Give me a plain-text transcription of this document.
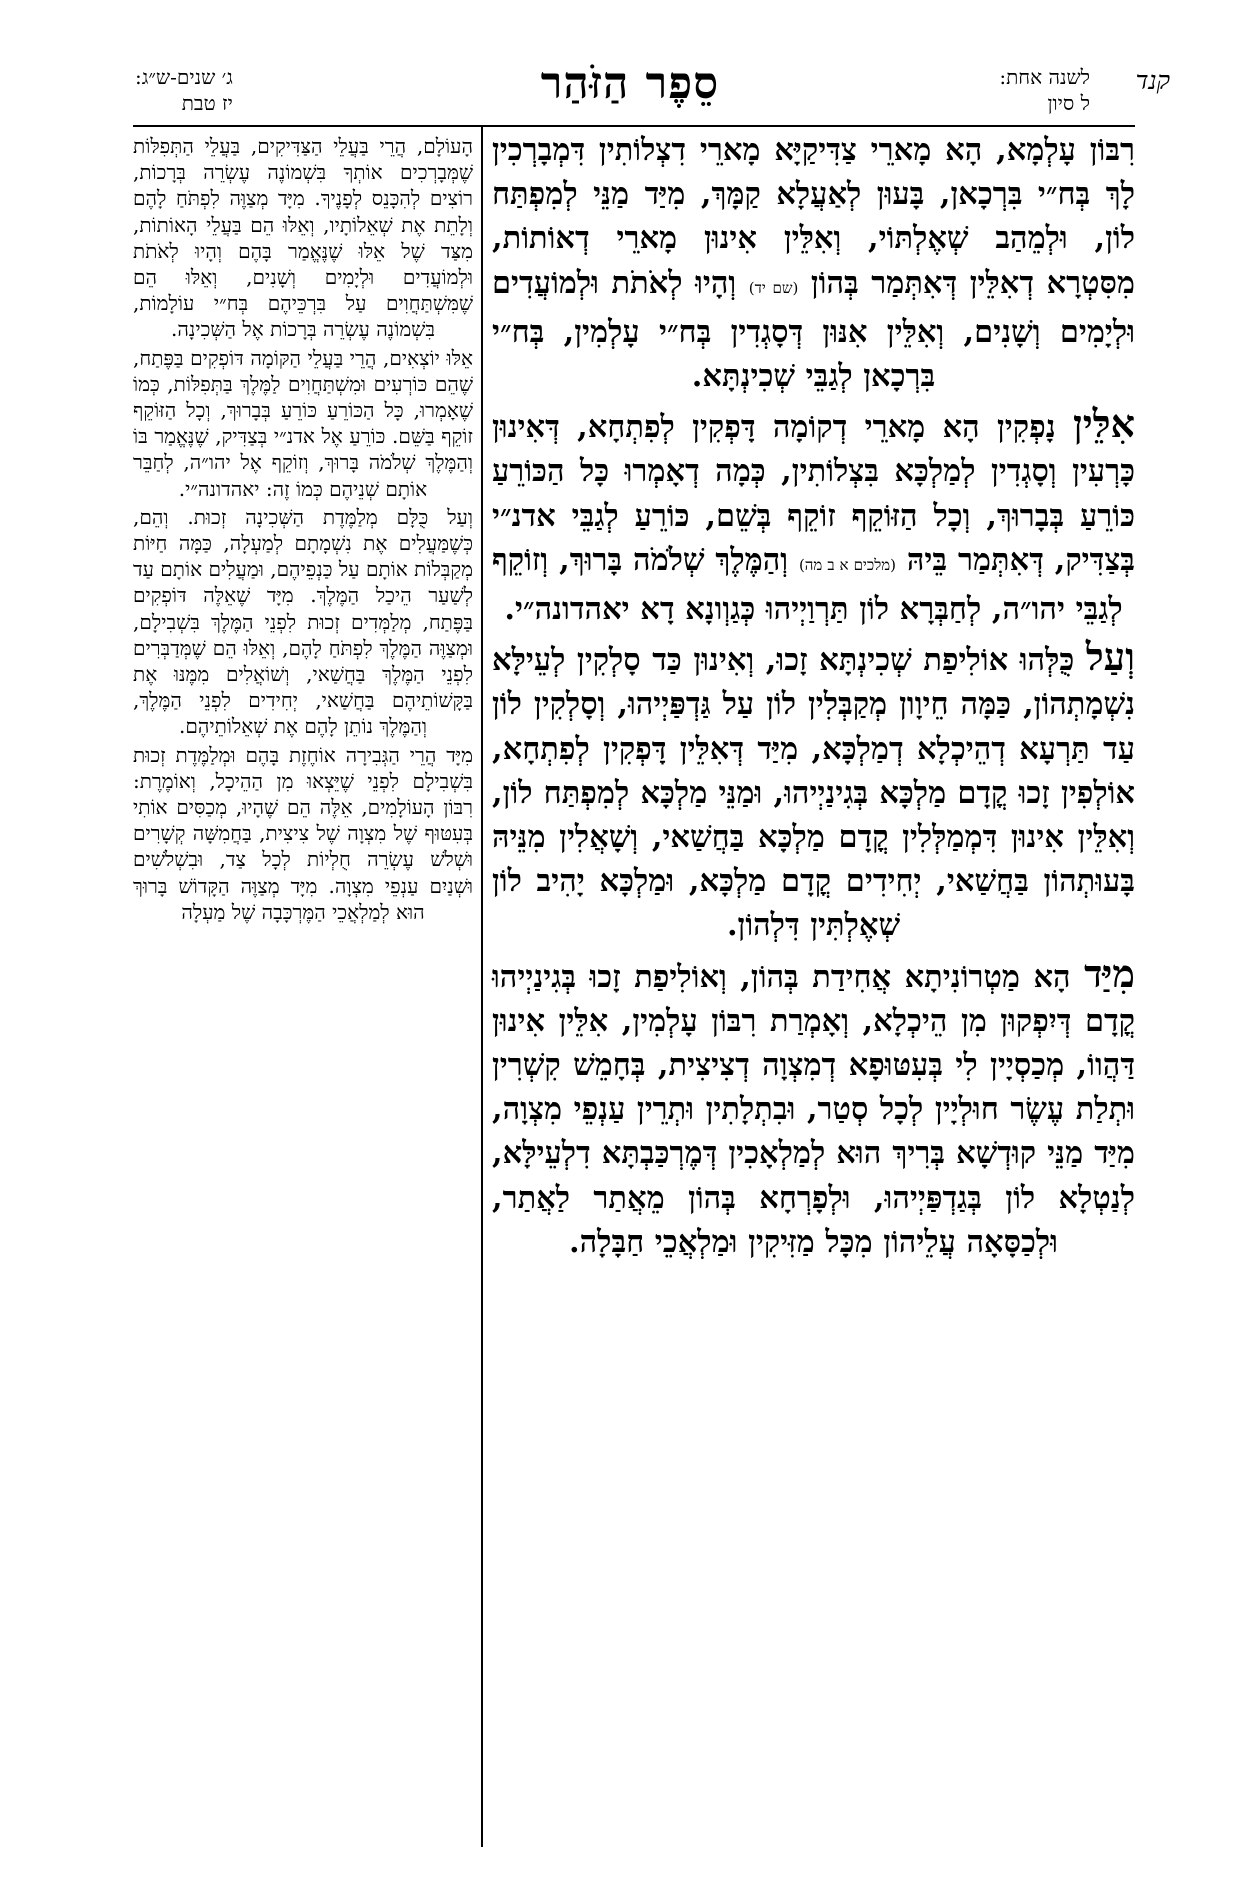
קנד
לשנה אחת:
ל סיון
סֵפֶר הַזֹּהַר
ג׳ שנים-ש״ג:
יז טבת

רִבּוֹן עָלְמָא, הָא מָארֵי צַדִּיקַיָּא מָארֵי דִצְלוֹתִין דִּמְבָרְכִין לָךְ בְּח״י בִּרְכָאן, בָּעוּן לְאַעֲלָא קַמָּךְ, מִיַּד מַנֵּי לְמִפְתַּח לוֹן, וּלְמֵהַב שְׁאֶלְתּוֹי, וְאִלֵּין אִינוּן מָארֵי דְאוֹתוֹת, מִסִּטְרָא דְאִלֵּין דְּאִתְּמַר בְּהוֹן (שם יד) וְהָיוּ לְאֹתֹת וּלְמוֹעֲדִים וּלְיָמִים וְשָׁנִים, וְאִלֵּין אִנּוּן דְּסָגְדִין בְּח״י עָלְמִין, בְּח״י בִּרְכָאן לְגַבֵּי שְׁכִינְתָּא.

אִלֵּין נָפְקִין הָא מָארֵי דְקוֹמָה דָּפְקִין לְפִתְחָא, דְּאִינוּן כָּרְעִין וְסָגְדִין לְמַלְכָּא בִּצְלוֹתִין, כְּמָה דְאָמְרוּ כָּל הַכּוֹרֵעַ כּוֹרֵעַ בְּבָרוּךְ, וְכָל הַזּוֹקֵף זוֹקֵף בְּשֵׁם, כּוֹרֵעַ לְגַבֵּי אדנ״י בְּצַדִּיק, דְּאִתְּמַר בֵּיהּ (מלכים א ב מה) וְהַמֶּלֶךְ שְׁלֹמֹה בָּרוּךְ, וְזוֹקֵף לְגַבֵּי יהו״ה, לְחַבְּרָא לוֹן תַּרְוַיְיהוּ כְּגַוְונָא דָא יאהדונה״י.

וְעַל כֻּלְּהוּ אוֹלִיפַת שְׁכִינְתָּא זָכוּ, וְאִינוּן כַּד סָלְקִין לְעֵילָּא נִשְׁמָתְהוֹן, כַּמָּה חֵיוָון מְקַבְּלִין לוֹן עַל גַּדְפַּיְיהוּ, וְסָלְקִין לוֹן עַד תַּרְעָא דְהֵיכְלָא דְמַלְכָּא, מִיַּד דְּאִלֵּין דָּפְקִין לְפִתְחָא, אוֹלְפִין זָכוּ קֳדָם מַלְכָּא בְּגִינַיְיהוּ, וּמַנֵּי מַלְכָּא לְמִפְתַּח לוֹן, וְאִלֵּין אִינוּן דִּמְמַלְּלִין קֳדָם מַלְכָּא בַּחֲשַׁאי, וְשָׁאֲלִין מִנֵּיהּ בָּעוּתְהוֹן בַּחֲשַׁאי, יְחִידִים קֳדָם מַלְכָּא, וּמַלְכָּא יָהִיב לוֹן שְׁאֶלְתִּין דִּלְהוֹן.

מִיַּד הָא מַטְרוֹנִיתָא אֲחִידַת בְּהוֹן, וְאוֹלִיפַת זָכוּ בְּגִינַיְיהוּ קֳדָם דְּיִפְקוּן מִן הֵיכְלָא, וְאָמְרַת רִבּוֹן עָלְמִין, אִלֵּין אִינוּן דַּהֲווֹ, מְכַסְיָין לִי בְּעִטּוּפָא דְמִצְוָה דְצִיצִית, בְּחָמֵשׁ קִשְׁרִין וּתְלַת עֶשֶׂר חוּלְיָין לְכָל סְטַר, וּבִתְלָתִין וּתְרֵין עַנְפֵי מִצְוָה, מִיַּד מַנֵּי קוּדְשָׁא בְּרִיךְ הוּא לְמַלְאָכִין דְּמֶרְכַּבְתָּא דִלְעֵילָּא, לְנַטְלָא לוֹן בְּגַדְפַּיְיהוּ, וּלְפָרְחָא בְּהוֹן מֵאֲתַר לַאֲתַר, וּלְכַסָּאָה עֲלֵיהוֹן מִכָּל מַזִּיקִין וּמַלְאֲכֵי חַבָּלָה.

הָעוֹלָם, הֲרֵי בַּעֲלֵי הַצַּדִּיקִים, בַּעֲלֵי הַתְּפִלּוֹת שֶׁמְּבָרְכִים אוֹתְךָ בִּשְׁמוֹנֶה עֶשְׂרֵה בְּרָכוֹת, רוֹצִים לְהִכָּנֵס לְפָנֶיךָ. מִיָּד מְצַוֶּה לִפְתֹּחַ לָהֶם וְלָתֵת אֶת שְׁאֵלוֹתָיו, וְאֵלּוּ הֵם בַּעֲלֵי הָאוֹתוֹת, מִצַּד שֶׁל אֵלּוּ שֶׁנֶּאֱמַר בָּהֶם וְהָיוּ לְאֹתֹת וּלְמוֹעֲדִים וּלְיָמִים וְשָׁנִים, וְאֵלּוּ הֵם שֶׁמִּשְׁתַּחֲוִים עַל בִּרְכֵּיהֶם בְּח״י עוֹלָמוֹת, בִּשְׁמוֹנֶה עֶשְׂרֵה בְּרָכוֹת אֶל הַשְּׁכִינָה.

אֵלּוּ יוֹצְאִים, הֲרֵי בַּעֲלֵי הַקּוֹמָה דּוֹפְקִים בַּפֶּתַח, שֶׁהֵם כּוֹרְעִים וּמִשְׁתַּחֲוִים לַמֶּלֶךְ בַּתְּפִלּוֹת, כְּמוֹ שֶׁאָמְרוּ, כָּל הַכּוֹרֵעַ כּוֹרֵעַ בְּבָרוּךְ, וְכָל הַזּוֹקֵף זוֹקֵף בַּשֵּׁם. כּוֹרֵעַ אֶל אדנ״י בְּצַדִּיק, שֶׁנֶּאֱמַר בּוֹ וְהַמֶּלֶךְ שְׁלֹמֹה בָּרוּךְ, וְזוֹקֵף אֶל יהו״ה, לְחַבֵּר אוֹתָם שְׁנֵיהֶם כְּמוֹ זֶה: יאהדונה״י.

וְעַל כֻּלָּם מְלַמֶּדֶת הַשְּׁכִינָה זְכוּת. וְהֵם, כְּשֶׁמַּעֲלִים אֶת נִשְׁמָתָם לְמַעְלָה, כַּמָּה חַיּוֹת מְקַבְּלוֹת אוֹתָם עַל כַּנְפֵיהֶם, וּמַעֲלִים אוֹתָם עַד לְשַׁעַר הֵיכַל הַמֶּלֶךְ. מִיָּד שֶׁאֵלֶּה דּוֹפְקִים בַּפֶּתַח, מְלַמְּדִים זְכוּת לִפְנֵי הַמֶּלֶךְ בִּשְׁבִילָם, וּמְצַוֶּה הַמֶּלֶךְ לִפְתֹּחַ לָהֶם, וְאֵלּוּ הֵם שֶׁמְּדַבְּרִים לִפְנֵי הַמֶּלֶךְ בַּחֲשַׁאי, וְשׁוֹאֲלִים מִמֶּנּוּ אֶת בַּקָּשׁוֹתֵיהֶם בַּחֲשַׁאי, יְחִידִים לִפְנֵי הַמֶּלֶךְ, וְהַמֶּלֶךְ נוֹתֵן לָהֶם אֶת שְׁאֵלוֹתֵיהֶם.

מִיָּד הֲרֵי הַגְּבִירָה אוֹחֶזֶת בָּהֶם וּמְלַמֶּדֶת זְכוּת בִּשְׁבִילָם לִפְנֵי שֶׁיֵּצְאוּ מִן הַהֵיכָל, וְאוֹמֶרֶת: רִבּוֹן הָעוֹלָמִים, אֵלֶּה הֵם שֶׁהָיוּ, מְכַסִּים אוֹתִי בְּעִטּוּף שֶׁל מִצְוָה שֶׁל צִיצִית, בַּחֲמִשָּׁה קְשָׁרִים וּשְׁלֹשׁ עֶשְׂרֵה חֻלְיוֹת לְכָל צַד, וּבִשְׁלֹשִׁים וּשְׁנַיִם עַנְפֵי מִצְוָה. מִיָּד מְצַוֶּה הַקָּדוֹשׁ בָּרוּךְ הוּא לְמַלְאֲכֵי הַמֶּרְכָּבָה שֶׁל מַעְלָה
